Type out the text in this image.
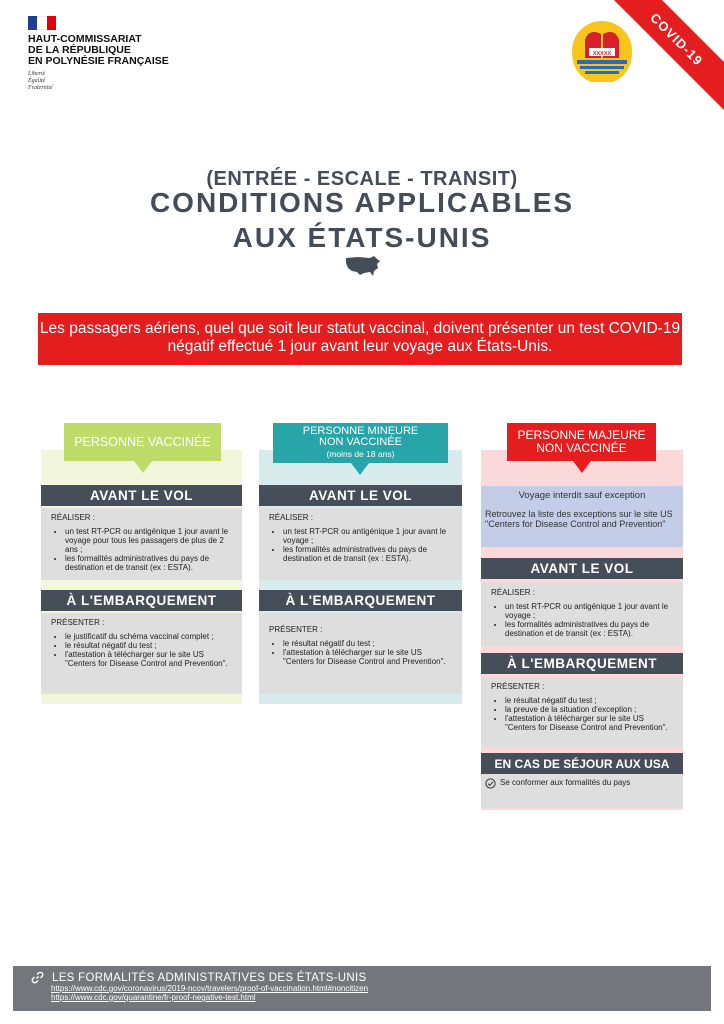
HAUT-COMMISSARIAT
DE LA RÉPUBLIQUE
EN POLYNÉSIE FRANÇAISE
Liberté
Égalité
Fraternité
XXXXX	COVID-19
(ENTRÉE - ESCALE - TRANSIT)
CONDITIONS APPLICABLES
AUX ÉTATS-UNIS
Les passagers aériens, quel que soit leur statut vaccinal, doivent présenter un test COVID-19 négatif effectué 1 jour avant leur voyage aux États-Unis.
PERSONNE VACCINÉE
PERSONNE MINEURE
NON VACCINÉE
(moins de 18 ans)
PERSONNE MAJEURE
NON VACCINÉE
AVANT LE VOL
RÉALISER :
• un test RT-PCR ou antigénique 1 jour avant le voyage pour tous les passagers de plus de 2 ans ;
• les formalités administratives du pays de destination et de transit (ex : ESTA).
À L'EMBARQUEMENT
PRÉSENTER :
• le justificatif du schéma vaccinal complet ;
• le résultat négatif du test ;
• l'attestation à télécharger sur le site US "Centers for Disease Control and Prevention".
AVANT LE VOL
RÉALISER :
• un test RT-PCR ou antigénique 1 jour avant le voyage ;
• les formalités administratives du pays de destination et de transit (ex : ESTA).
À L'EMBARQUEMENT
PRÉSENTER :
• le résultat négatif du test ;
• l'attestation à télécharger sur le site US "Centers for Disease Control and Prevention".
Voyage interdit sauf exception
Retrouvez la liste des exceptions sur le site US "Centers for Disease Control and Prevention"
AVANT LE VOL
RÉALISER :
• un test RT-PCR ou antigénique 1 jour avant le voyage ;
• les formalités administratives du pays de destination et de transit (ex : ESTA).
À L'EMBARQUEMENT
PRÉSENTER :
• le résultat négatif du test ;
• la preuve de la situation d'exception ;
• l'attestation à télécharger sur le site US "Centers for Disease Control and Prevention".
EN CAS DE SÉJOUR AUX USA
Se conformer aux formalités du pays
LES FORMALITÉS ADMINISTRATIVES DES ÉTATS-UNIS
https://www.cdc.gov/coronavirus/2019-ncov/travelers/proof-of-vaccination.html#noncitizen
https://www.cdc.gov/quarantine/fr-proof-negative-test.html
